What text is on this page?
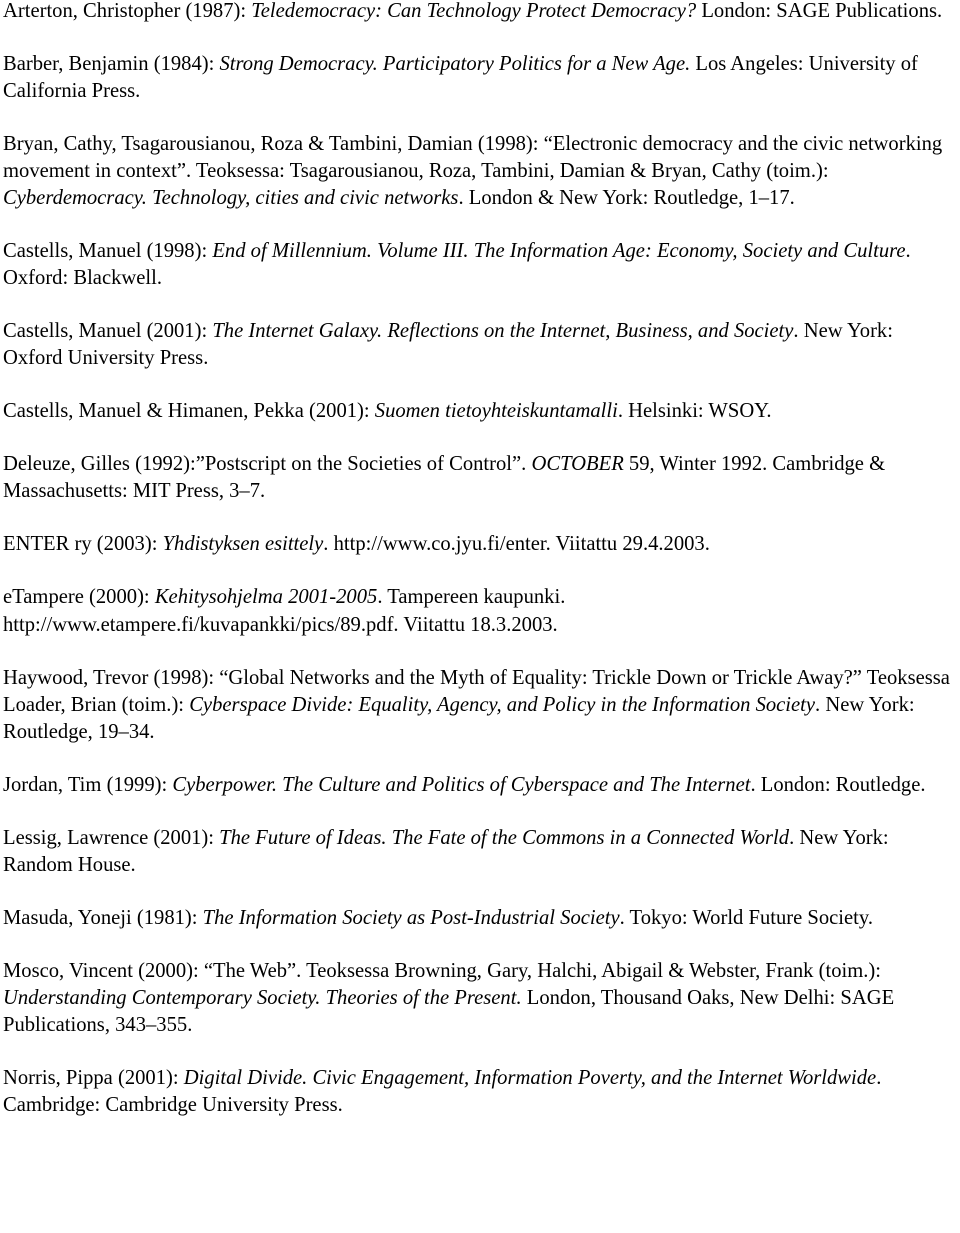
Arterton, Christopher (1987): Teledemocracy: Can Technology Protect Democracy? London: SAGE Publications.

Barber, Benjamin (1984): Strong Democracy. Participatory Politics for a New Age. Los Angeles: University of California Press.

Bryan, Cathy, Tsagarousianou, Roza & Tambini, Damian (1998): “Electronic democracy and the civic networking movement in context”. Teoksessa: Tsagarousianou, Roza, Tambini, Damian & Bryan, Cathy (toim.): Cyberdemocracy. Technology, cities and civic networks. London & New York: Routledge, 1–17.

Castells, Manuel (1998): End of Millennium. Volume III. The Information Age: Economy, Society and Culture. Oxford: Blackwell.

Castells, Manuel (2001): The Internet Galaxy. Reflections on the Internet, Business, and Society. New York: Oxford University Press.

Castells, Manuel & Himanen, Pekka (2001): Suomen tietoyhteiskuntamalli. Helsinki: WSOY.

Deleuze, Gilles (1992):”Postscript on the Societies of Control”. OCTOBER 59, Winter 1992. Cambridge & Massachusetts: MIT Press, 3–7.

ENTER ry (2003): Yhdistyksen esittely. http://www.co.jyu.fi/enter. Viitattu 29.4.2003.

eTampere (2000): Kehitysohjelma 2001-2005. Tampereen kaupunki. http://www.etampere.fi/kuvapankki/pics/89.pdf. Viitattu 18.3.2003.

Haywood, Trevor (1998): “Global Networks and the Myth of Equality: Trickle Down or Trickle Away?” Teoksessa Loader, Brian (toim.): Cyberspace Divide: Equality, Agency, and Policy in the Information Society. New York: Routledge, 19–34.

Jordan, Tim (1999): Cyberpower. The Culture and Politics of Cyberspace and The Internet. London: Routledge.

Lessig, Lawrence (2001): The Future of Ideas. The Fate of the Commons in a Connected World. New York: Random House.

Masuda, Yoneji (1981): The Information Society as Post-Industrial Society. Tokyo: World Future Society.

Mosco, Vincent (2000): “The Web”. Teoksessa Browning, Gary, Halchi, Abigail & Webster, Frank (toim.): Understanding Contemporary Society. Theories of the Present. London, Thousand Oaks, New Delhi: SAGE Publications, 343–355.

Norris, Pippa (2001): Digital Divide. Civic Engagement, Information Poverty, and the Internet Worldwide. Cambridge: Cambridge University Press.
